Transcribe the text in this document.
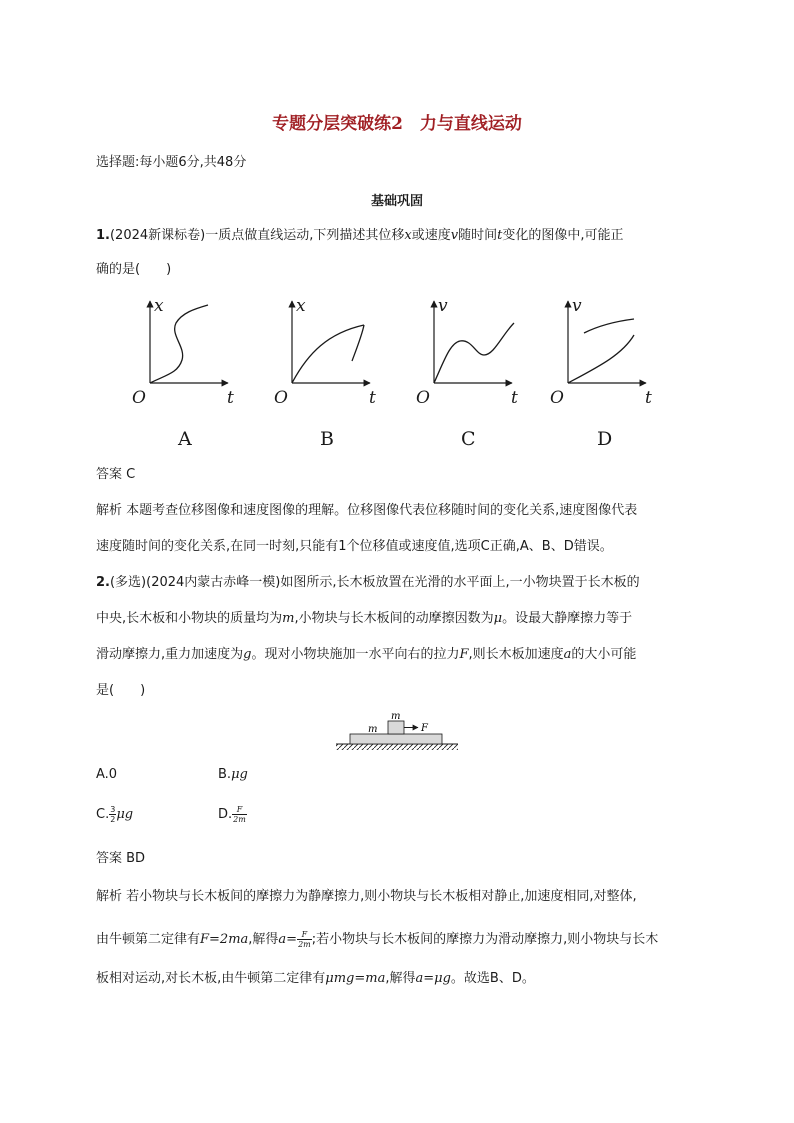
专题分层突破练2　力与直线运动
选择题:每小题6分,共48分
基础巩固
1.(2024新课标卷)一质点做直线运动,下列描述其位移x或速度v随时间t变化的图像中,可能正
确的是(　　)
x
t
O
A
x
t
O
B
v
t
O
C
v
t
O
D
答案 C
解析 本题考查位移图像和速度图像的理解。位移图像代表位移随时间的变化关系,速度图像代表
速度随时间的变化关系,在同一时刻,只能有1个位移值或速度值,选项C正确,A、B、D错误。
2.(多选)(2024内蒙古赤峰一模)如图所示,长木板放置在光滑的水平面上,一小物块置于长木板的
中央,长木板和小物块的质量均为m,小物块与长木板间的动摩擦因数为μ。设最大静摩擦力等于
滑动摩擦力,重力加速度为g。现对小物块施加一水平向右的拉力F,则长木板加速度a的大小可能
是(　　)
m
m	F
A.0	B.μg
C. $\frac{3}{2}$ μg	D. $\frac{F}{2m}$
答案 BD
解析 若小物块与长木板间的摩擦力为静摩擦力,则小物块与长木板相对静止,加速度相同,对整体,
由牛顿第二定律有F=2ma,解得$a= \frac{F}{2m}$ ;若小物块与长木板间的摩擦力为滑动摩擦力,则小物块与长木
板相对运动,对长木板,由牛顿第二定律有μmg=ma,解得a=μg。故选B、D。
